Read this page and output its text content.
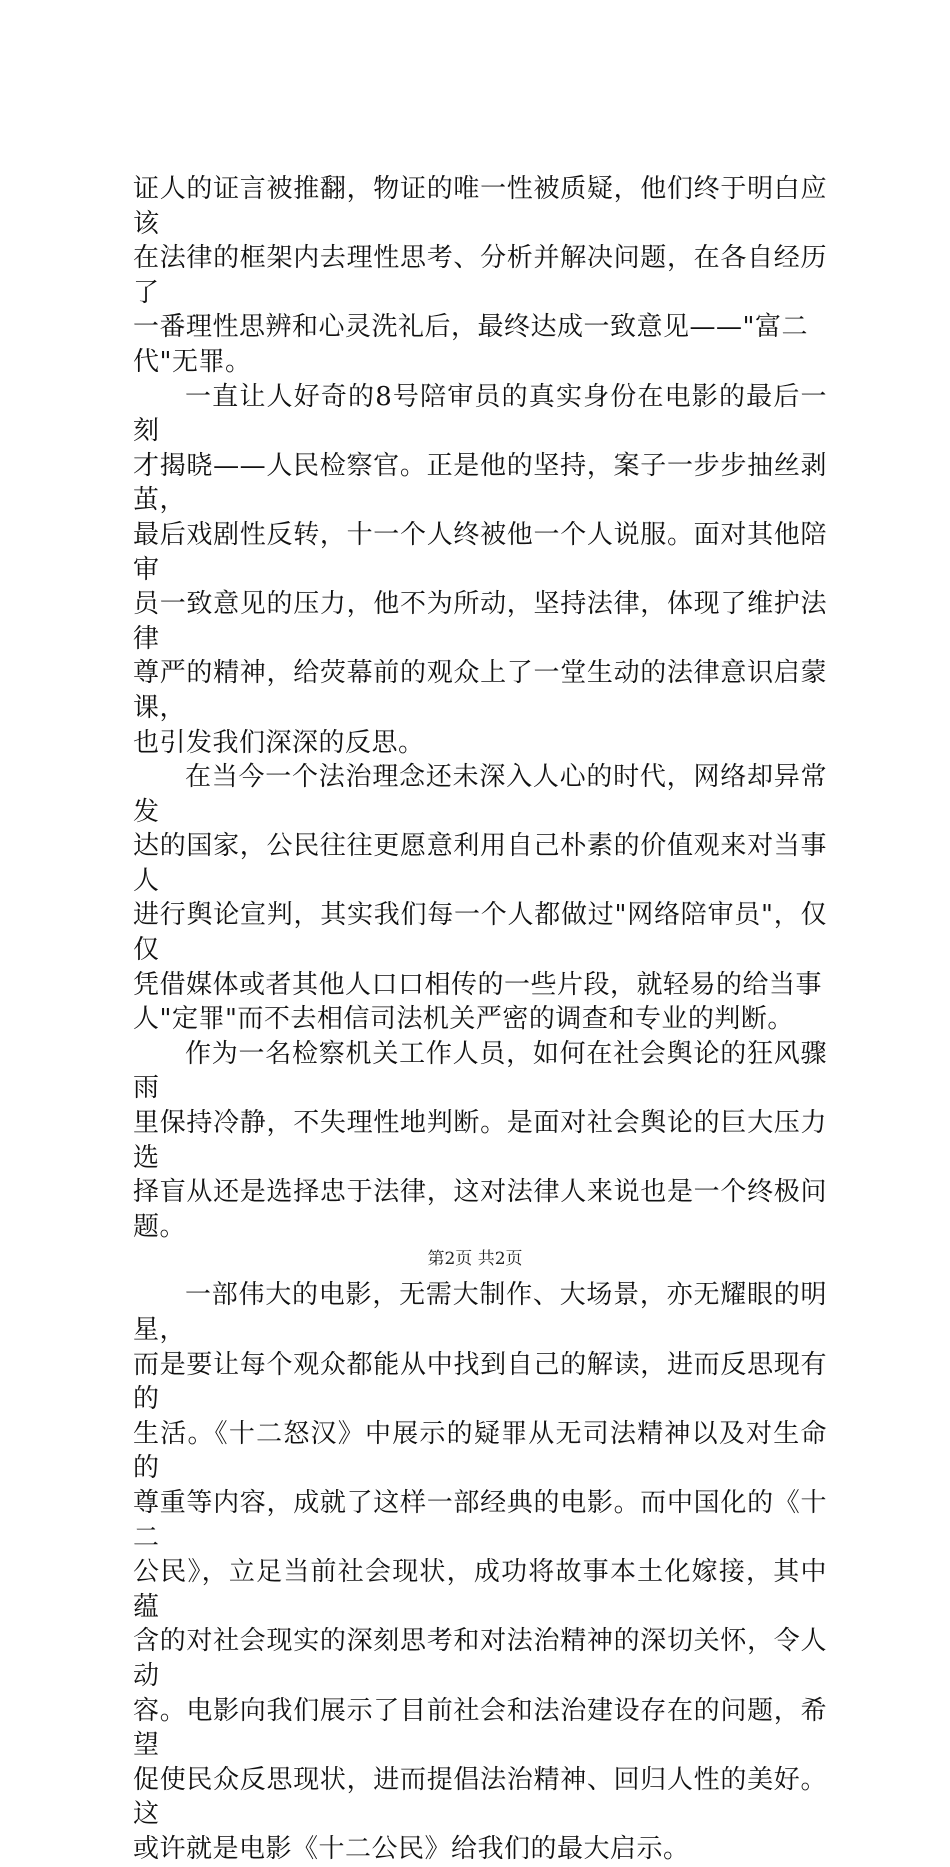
证人的证言被推翻，物证的唯一性被质疑，他们终于明白应该
在法律的框架内去理性思考、分析并解决问题，在各自经历了
一番理性思辨和心灵洗礼后，最终达成一致意见——"富二
代"无罪。

一直让人好奇的8号陪审员的真实身份在电影的最后一刻
才揭晓——人民检察官。正是他的坚持，案子一步步抽丝剥茧，
最后戏剧性反转，十一个人终被他一个人说服。面对其他陪审
员一致意见的压力，他不为所动，坚持法律，体现了维护法律
尊严的精神，给荧幕前的观众上了一堂生动的法律意识启蒙课，
也引发我们深深的反思。

在当今一个法治理念还未深入人心的时代，网络却异常发
达的国家，公民往往更愿意利用自己朴素的价值观来对当事人
进行舆论宣判，其实我们每一个人都做过"网络陪审员"，仅仅
凭借媒体或者其他人口口相传的一些片段，就轻易的给当事
人"定罪"而不去相信司法机关严密的调查和专业的判断。

作为一名检察机关工作人员，如何在社会舆论的狂风骤雨
里保持冷静，不失理性地判断。是面对社会舆论的巨大压力选
择盲从还是选择忠于法律，这对法律人来说也是一个终极问题。

一部伟大的电影，无需大制作、大场景，亦无耀眼的明星，
而是要让每个观众都能从中找到自己的解读，进而反思现有的
生活。《十二怒汉》中展示的疑罪从无司法精神以及对生命的
尊重等内容，成就了这样一部经典的电影。而中国化的《十二
公民》，立足当前社会现状，成功将故事本土化嫁接，其中蕴
含的对社会现实的深刻思考和对法治精神的深切关怀，令人动
容。电影向我们展示了目前社会和法治建设存在的问题，希望
促使民众反思现状，进而提倡法治精神、回归人性的美好。这
或许就是电影《十二公民》给我们的最大启示。

第2页 共2页
